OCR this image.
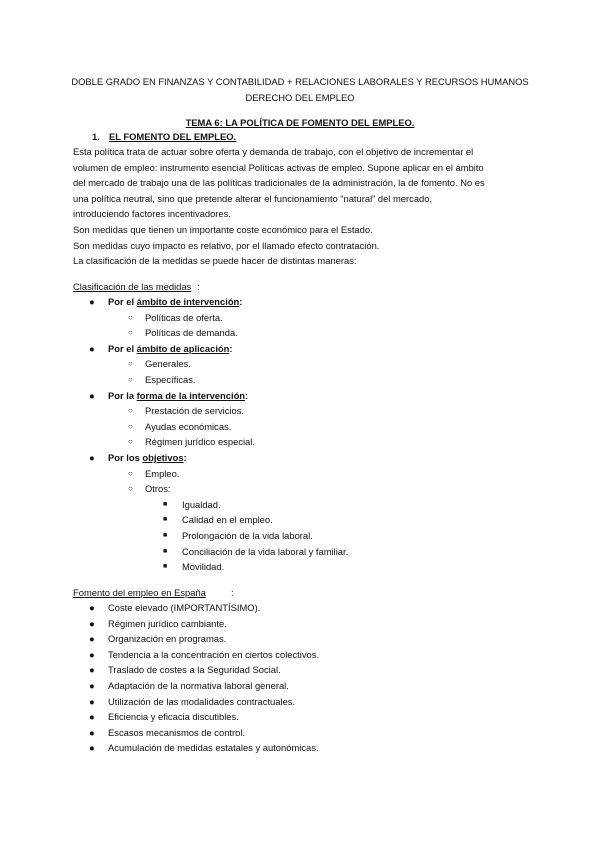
DOBLE GRADO EN FINANZAS Y CONTABILIDAD + RELACIONES LABORALES Y RECURSOS HUMANOS
DERECHO DEL EMPLEO
TEMA 6: LA POLÍTICA DE FOMENTO DEL EMPLEO.
1. EL FOMENTO DEL EMPLEO.

Esta política trata de actuar sobre oferta y demanda de trabajo, con el objetivo de incrementar el

volumen de empleo: instrumento esencial Políticas activas de empleo. Supone aplicar en el ámbito

del mercado de trabajo una de las políticas tradicionales de la administración, la de fomento. No es

una política neutral, sino que pretende alterar el funcionamiento “natural” del mercado,

introduciendo factores incentivadores.

Son medidas que tienen un importante coste económico para el Estado.

Son medidas cuyo impacto es relativo, por el llamado efecto contratación.

La clasificación de la medidas se puede hacer de distintas maneras:

Clasificación de las medidas :
● Por el ámbito de intervención:
○ Políticas de oferta.
○ Políticas de demanda.
● Por el ámbito de aplicación:
○ Generales.
○ Específicas.
● Por la forma de la intervención:
○ Prestación de servicios.
○ Ayudas económicas.
○ Régimen jurídico especial.
● Por los objetivos:
○ Empleo.
○ Otros:
■ Igualdad.
■ Calidad en el empleo.
■ Prolongación de la vida laboral.
■ Conciliación de la vida laboral y familiar.
■ Movilidad.
Fomento del empleo en España	:
● Coste elevado (IMPORTANTÍSIMO).
● Régimen jurídico cambiante.
● Organización en programas.
● Tendencia a la concentración en ciertos colectivos.
● Traslado de costes a la Seguridad Social.
● Adaptación de la normativa laboral general.
● Utilización de las modalidades contractuales.
● Eficiencia y eficacia discutibles.
● Escasos mecanismos de control.
● Acumulación de medidas estatales y autonómicas.
